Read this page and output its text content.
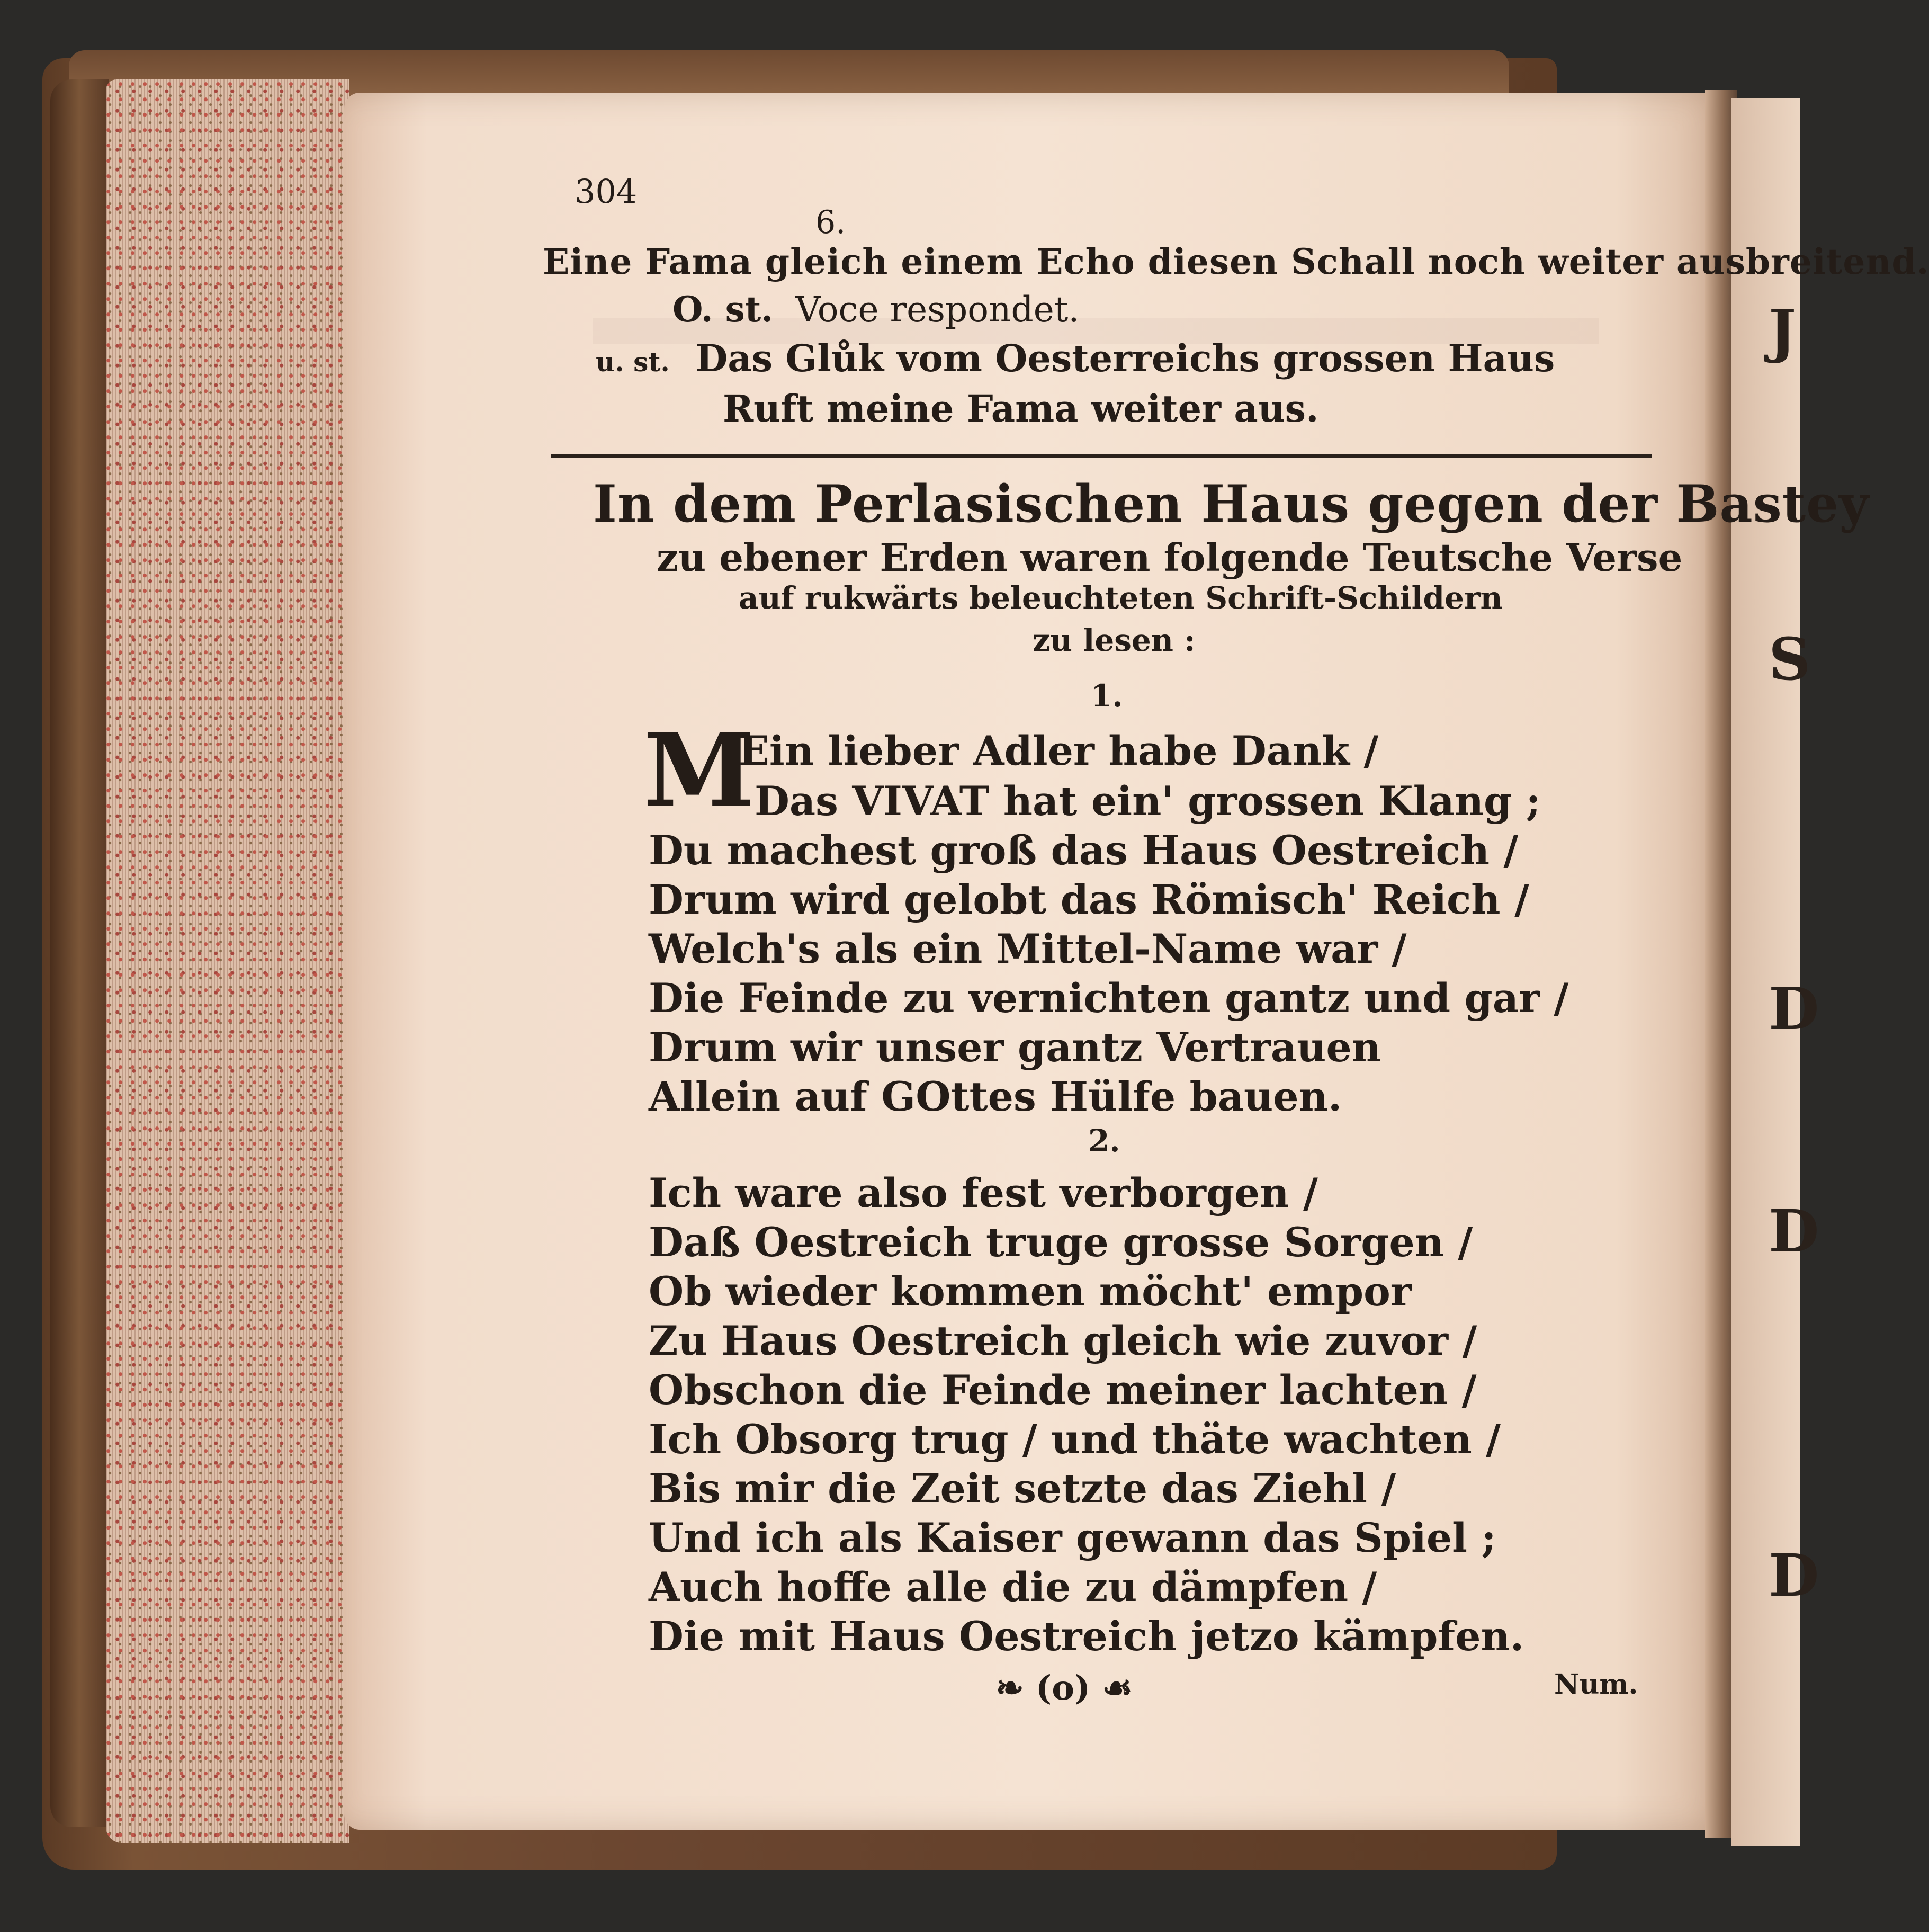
J
S
D
D
D
304
6.
Eine Fama gleich einem Echo diesen Schall noch weiter ausbreitend.
O. st. Voce respondet.
u. st. Das Glůk vom Oesterreichs grossen Haus
Ruft meine Fama weiter aus.
In dem Perlasischen Haus gegen der Bastey
zu ebener Erden waren folgende Teutsche Verse
auf rukwärts beleuchteten Schrift-Schildern
zu lesen :
1.
M
Ein lieber Adler habe Dank /
Das VIVAT hat ein' grossen Klang ;
Du machest groß das Haus Oestreich /
Drum wird gelobt das Römisch' Reich /
Welch's als ein Mittel-Name war /
Die Feinde zu vernichten gantz und gar /
Drum wir unser gantz Vertrauen
Allein auf GOttes Hülfe bauen.
2.
Ich ware also fest verborgen /
Daß Oestreich truge grosse Sorgen /
Ob wieder kommen möcht' empor
Zu Haus Oestreich gleich wie zuvor /
Obschon die Feinde meiner lachten /
Ich Obsorg trug / und thäte wachten /
Bis mir die Zeit setzte das Ziehl /
Und ich als Kaiser gewann das Spiel ;
Auch hoffe alle die zu dämpfen /
Die mit Haus Oestreich jetzo kämpfen.
❧ (o) ☙	Num.
